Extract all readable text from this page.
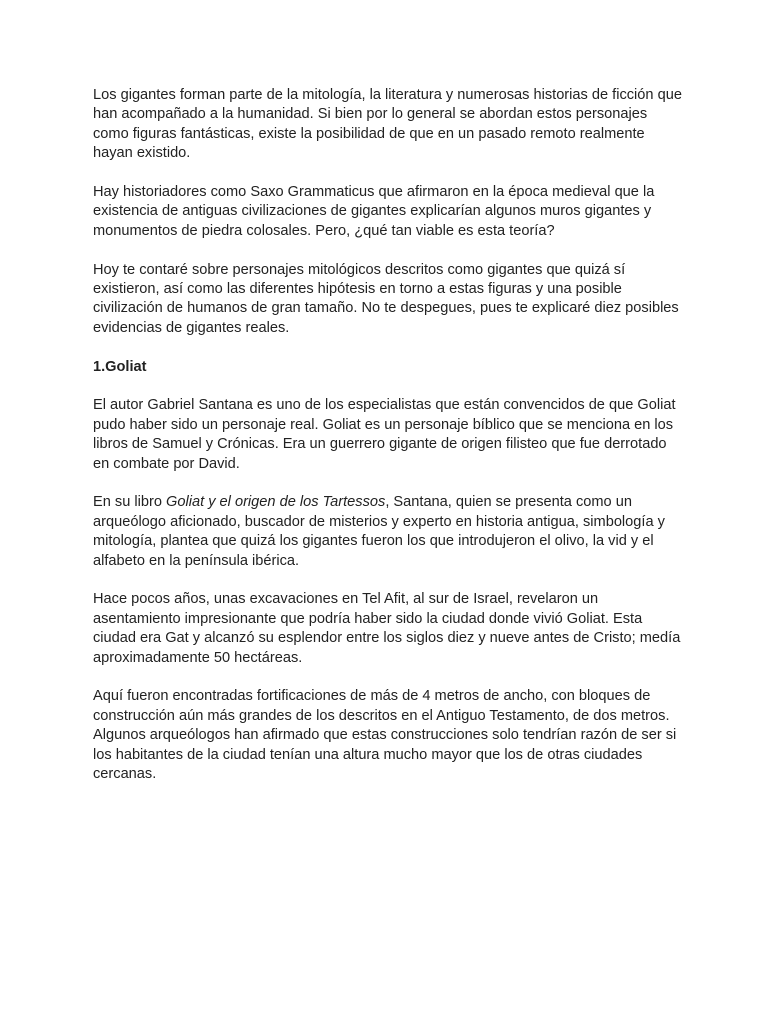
Los gigantes forman parte de la mitología, la literatura y numerosas historias de ficción que han acompañado a la humanidad. Si bien por lo general se abordan estos personajes como figuras fantásticas, existe la posibilidad de que en un pasado remoto realmente hayan existido.

Hay historiadores como Saxo Grammaticus que afirmaron en la época medieval que la existencia de antiguas civilizaciones de gigantes explicarían algunos muros gigantes y monumentos de piedra colosales. Pero, ¿qué tan viable es esta teoría?

Hoy te contaré sobre personajes mitológicos descritos como gigantes que quizá sí existieron, así como las diferentes hipótesis en torno a estas figuras y una posible civilización de humanos de gran tamaño. No te despegues, pues te explicaré diez posibles evidencias de gigantes reales.

1.Goliat

El autor Gabriel Santana es uno de los especialistas que están convencidos de que Goliat pudo haber sido un personaje real. Goliat es un personaje bíblico que se menciona en los libros de Samuel y Crónicas. Era un guerrero gigante de origen filisteo que fue derrotado en combate por David.

En su libro Goliat y el origen de los Tartessos, Santana, quien se presenta como un arqueólogo aficionado, buscador de misterios y experto en historia antigua, simbología y mitología, plantea que quizá los gigantes fueron los que introdujeron el olivo, la vid y el alfabeto en la península ibérica.

Hace pocos años, unas excavaciones en Tel Afit, al sur de Israel, revelaron un asentamiento impresionante que podría haber sido la ciudad donde vivió Goliat. Esta ciudad era Gat y alcanzó su esplendor entre los siglos diez y nueve antes de Cristo; medía aproximadamente 50 hectáreas.

Aquí fueron encontradas fortificaciones de más de 4 metros de ancho, con bloques de construcción aún más grandes de los descritos en el Antiguo Testamento, de dos metros. Algunos arqueólogos han afirmado que estas construcciones solo tendrían razón de ser si los habitantes de la ciudad tenían una altura mucho mayor que los de otras ciudades cercanas.
